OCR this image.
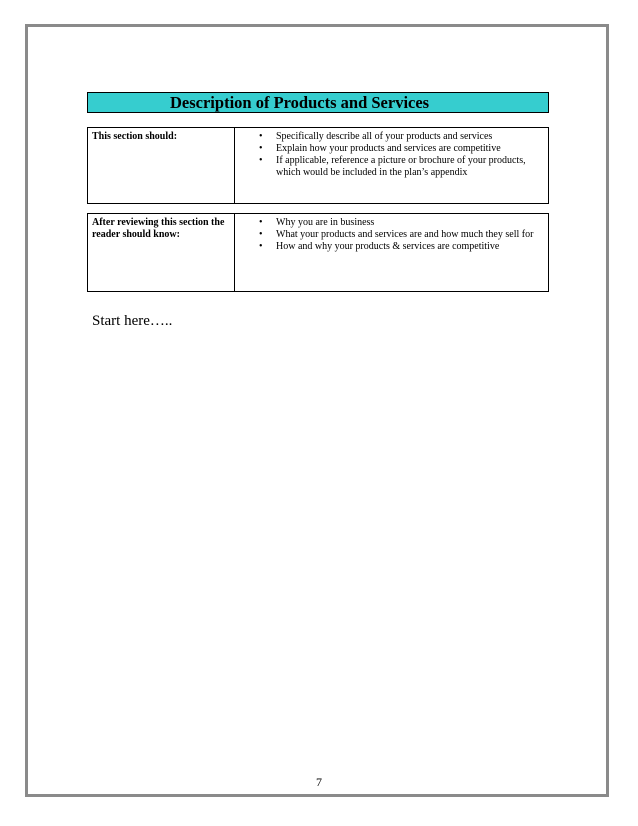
Description of Products and Services
This section should:	• Specifically describe all of your products and services
• Explain how your products and services are competitive
• If applicable, reference a picture or brochure of your products, which would be included in the plan’s appendix
After reviewing this section the reader should know:
• Why you are in business
• What your products and services are and how much they sell for
• How and why your products & services are competitive
Start here…..
7
